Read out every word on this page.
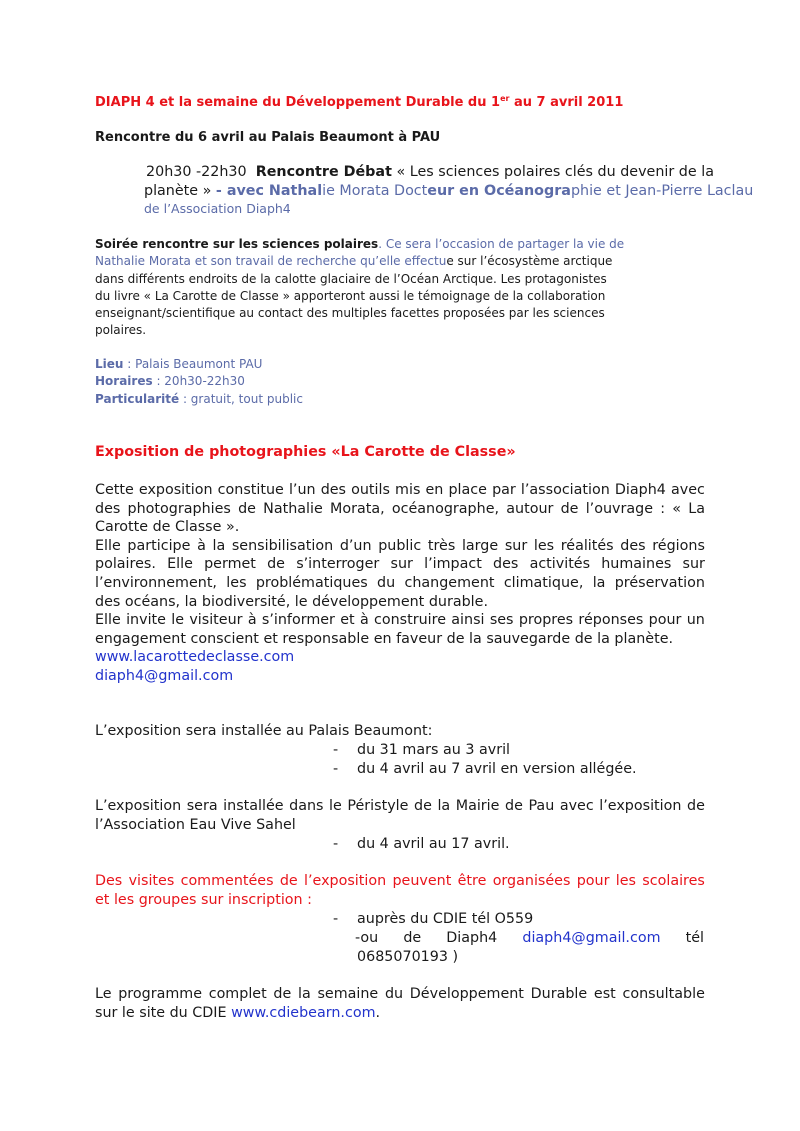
DIAPH 4 et la semaine du Développement Durable du 1er au 7 avril 2011
Rencontre du 6 avril au Palais Beaumont à PAU
20h30 -22h30 Rencontre Débat « Les sciences polaires clés du devenir de la
planète » - avec Nathalie Morata Docteur en Océanographie et Jean-Pierre Laclau
de l’Association Diaph4
Soirée rencontre sur les sciences polaires. Ce sera l’occasion de partager la vie de
Nathalie Morata et son travail de recherche qu’elle effectue sur l’écosystème arctique
dans différents endroits de la calotte glaciaire de l’Océan Arctique. Les protagonistes
du livre « La Carotte de Classe » apporteront aussi le témoignage de la collaboration
enseignant/scientifique au contact des multiples facettes proposées par les sciences
polaires.
Lieu : Palais Beaumont PAU
Horaires : 20h30-22h30
Particularité : gratuit, tout public
Exposition de photographies «La Carotte de Classe»
Cette exposition constitue l’un des outils mis en place par l’association Diaph4 avec
des photographies de Nathalie Morata, océanographe, autour de l’ouvrage : « La
Carotte de Classe ».
Elle participe à la sensibilisation d’un public très large sur les réalités des régions
polaires. Elle permet de s’interroger sur l’impact des activités humaines sur
l’environnement, les problématiques du changement climatique, la préservation
des océans, la biodiversité, le développement durable.
Elle invite le visiteur à s’informer et à construire ainsi ses propres réponses pour un
engagement conscient et responsable en faveur de la sauvegarde de la planète.
www.lacarottedeclasse.com
diaph4@gmail.com
L’exposition sera installée au Palais Beaumont:
- du 31 mars au 3 avril
- du 4 avril au 7 avril en version allégée.
L’exposition sera installée dans le Péristyle de la Mairie de Pau avec l’exposition de
l’Association Eau Vive Sahel
- du 4 avril au 17 avril.
Des visites commentées de l’exposition peuvent être organisées pour les scolaires
et les groupes sur inscription :
- auprès du CDIE tél O559
-ou de Diaph4 diaph4@gmail.com tél
0685070193 )
Le programme complet de la semaine du Développement Durable est consultable
sur le site du CDIE www.cdiebearn.com.
